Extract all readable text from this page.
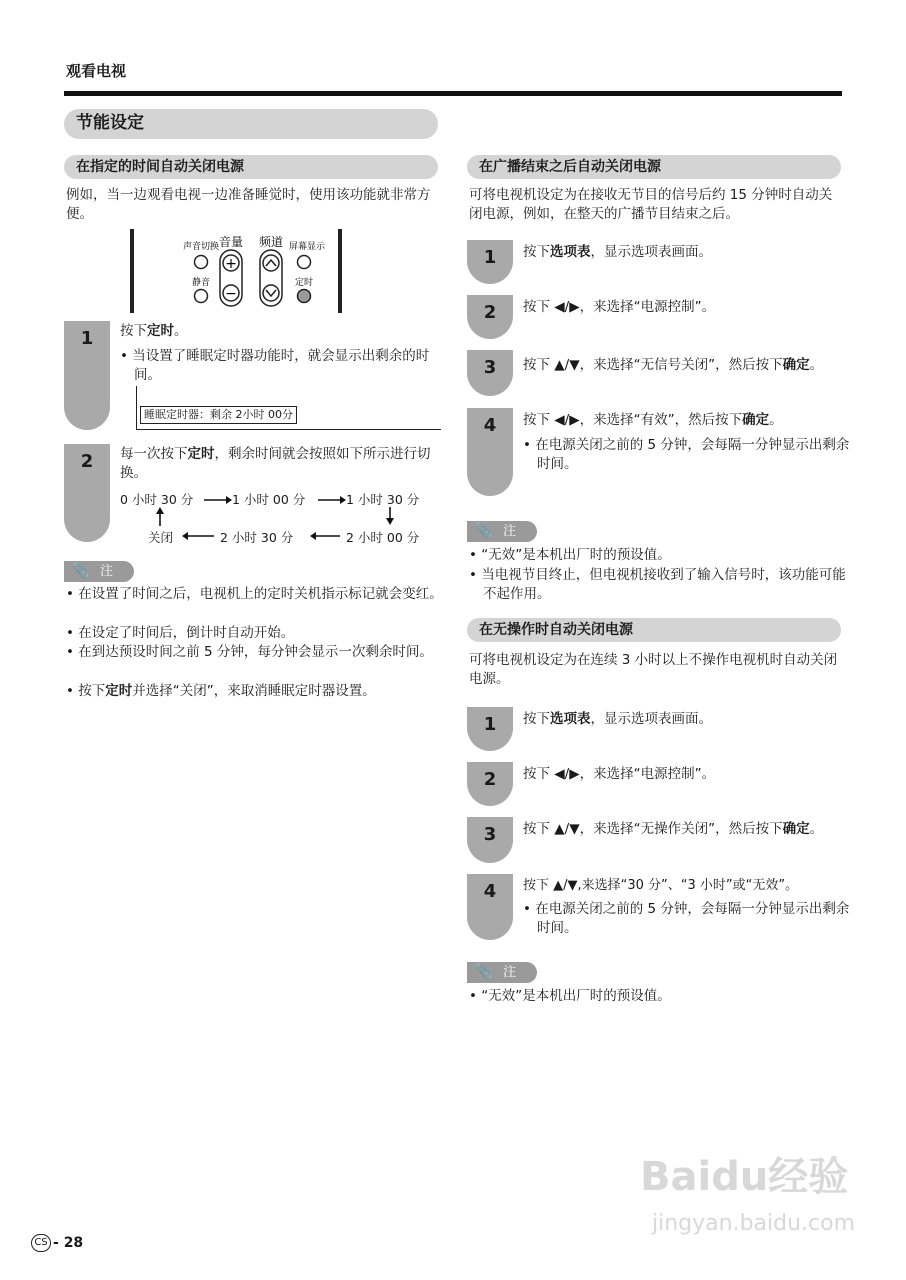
观看电视
节能设定
在指定的时间自动关闭电源

例如，当一边观看电视一边准备睡觉时，使用该功能就非常方便。

+
−
声音切换 音量 频道 屏幕显示
静音	定时
1	按下定时。

• 当设置了睡眠定时器功能时，就会显示出剩余的时间。

睡眠定时器：剩余 2小时 00分
2	每一次按下定时，剩余时间就会按照如下所示进行切换。

0 小时 30 分	1 小时 00 分	1 小时 30 分
关闭	2 小时 30 分	2 小时 00 分
📎 注

• 在设置了时间之后，电视机上的定时关机指示标记就会变红。

• 在设定了时间后，倒计时自动开始。

• 在到达预设时间之前 5 分钟，每分钟会显示一次剩余时间。

• 按下定时并选择“关闭”，来取消睡眠定时器设置。

在广播结束之后自动关闭电源

可将电视机设定为在接收无节目的信号后约 15 分钟时自动关闭电源，例如，在整天的广播节目结束之后。

1	按下选项表，显示选项表画面。

2	按下 ◀/▶，来选择“电源控制”。

3	按下 ▲/▼，来选择“无信号关闭”，然后按下确定。

4	按下 ◀/▶，来选择“有效”，然后按下确定。

• 在电源关闭之前的 5 分钟，会每隔一分钟显示出剩余时间。

📎 注

• “无效”是本机出厂时的预设值。

• 当电视节目终止，但电视机接收到了输入信号时，该功能可能不起作用。

在无操作时自动关闭电源

可将电视机设定为在连续 3 小时以上不操作电视机时自动关闭电源。

1	按下选项表，显示选项表画面。

2	按下 ◀/▶，来选择“电源控制”。

3	按下 ▲/▼，来选择“无操作关闭”，然后按下确定。

4	按下 ▲/▼,来选择“30 分”、“3 小时”或“无效”。

• 在电源关闭之前的 5 分钟，会每隔一分钟显示出剩余时间。

📎 注

• “无效”是本机出厂时的预设值。

Baidu经验
jingyan.baidu.com
CS - 28
